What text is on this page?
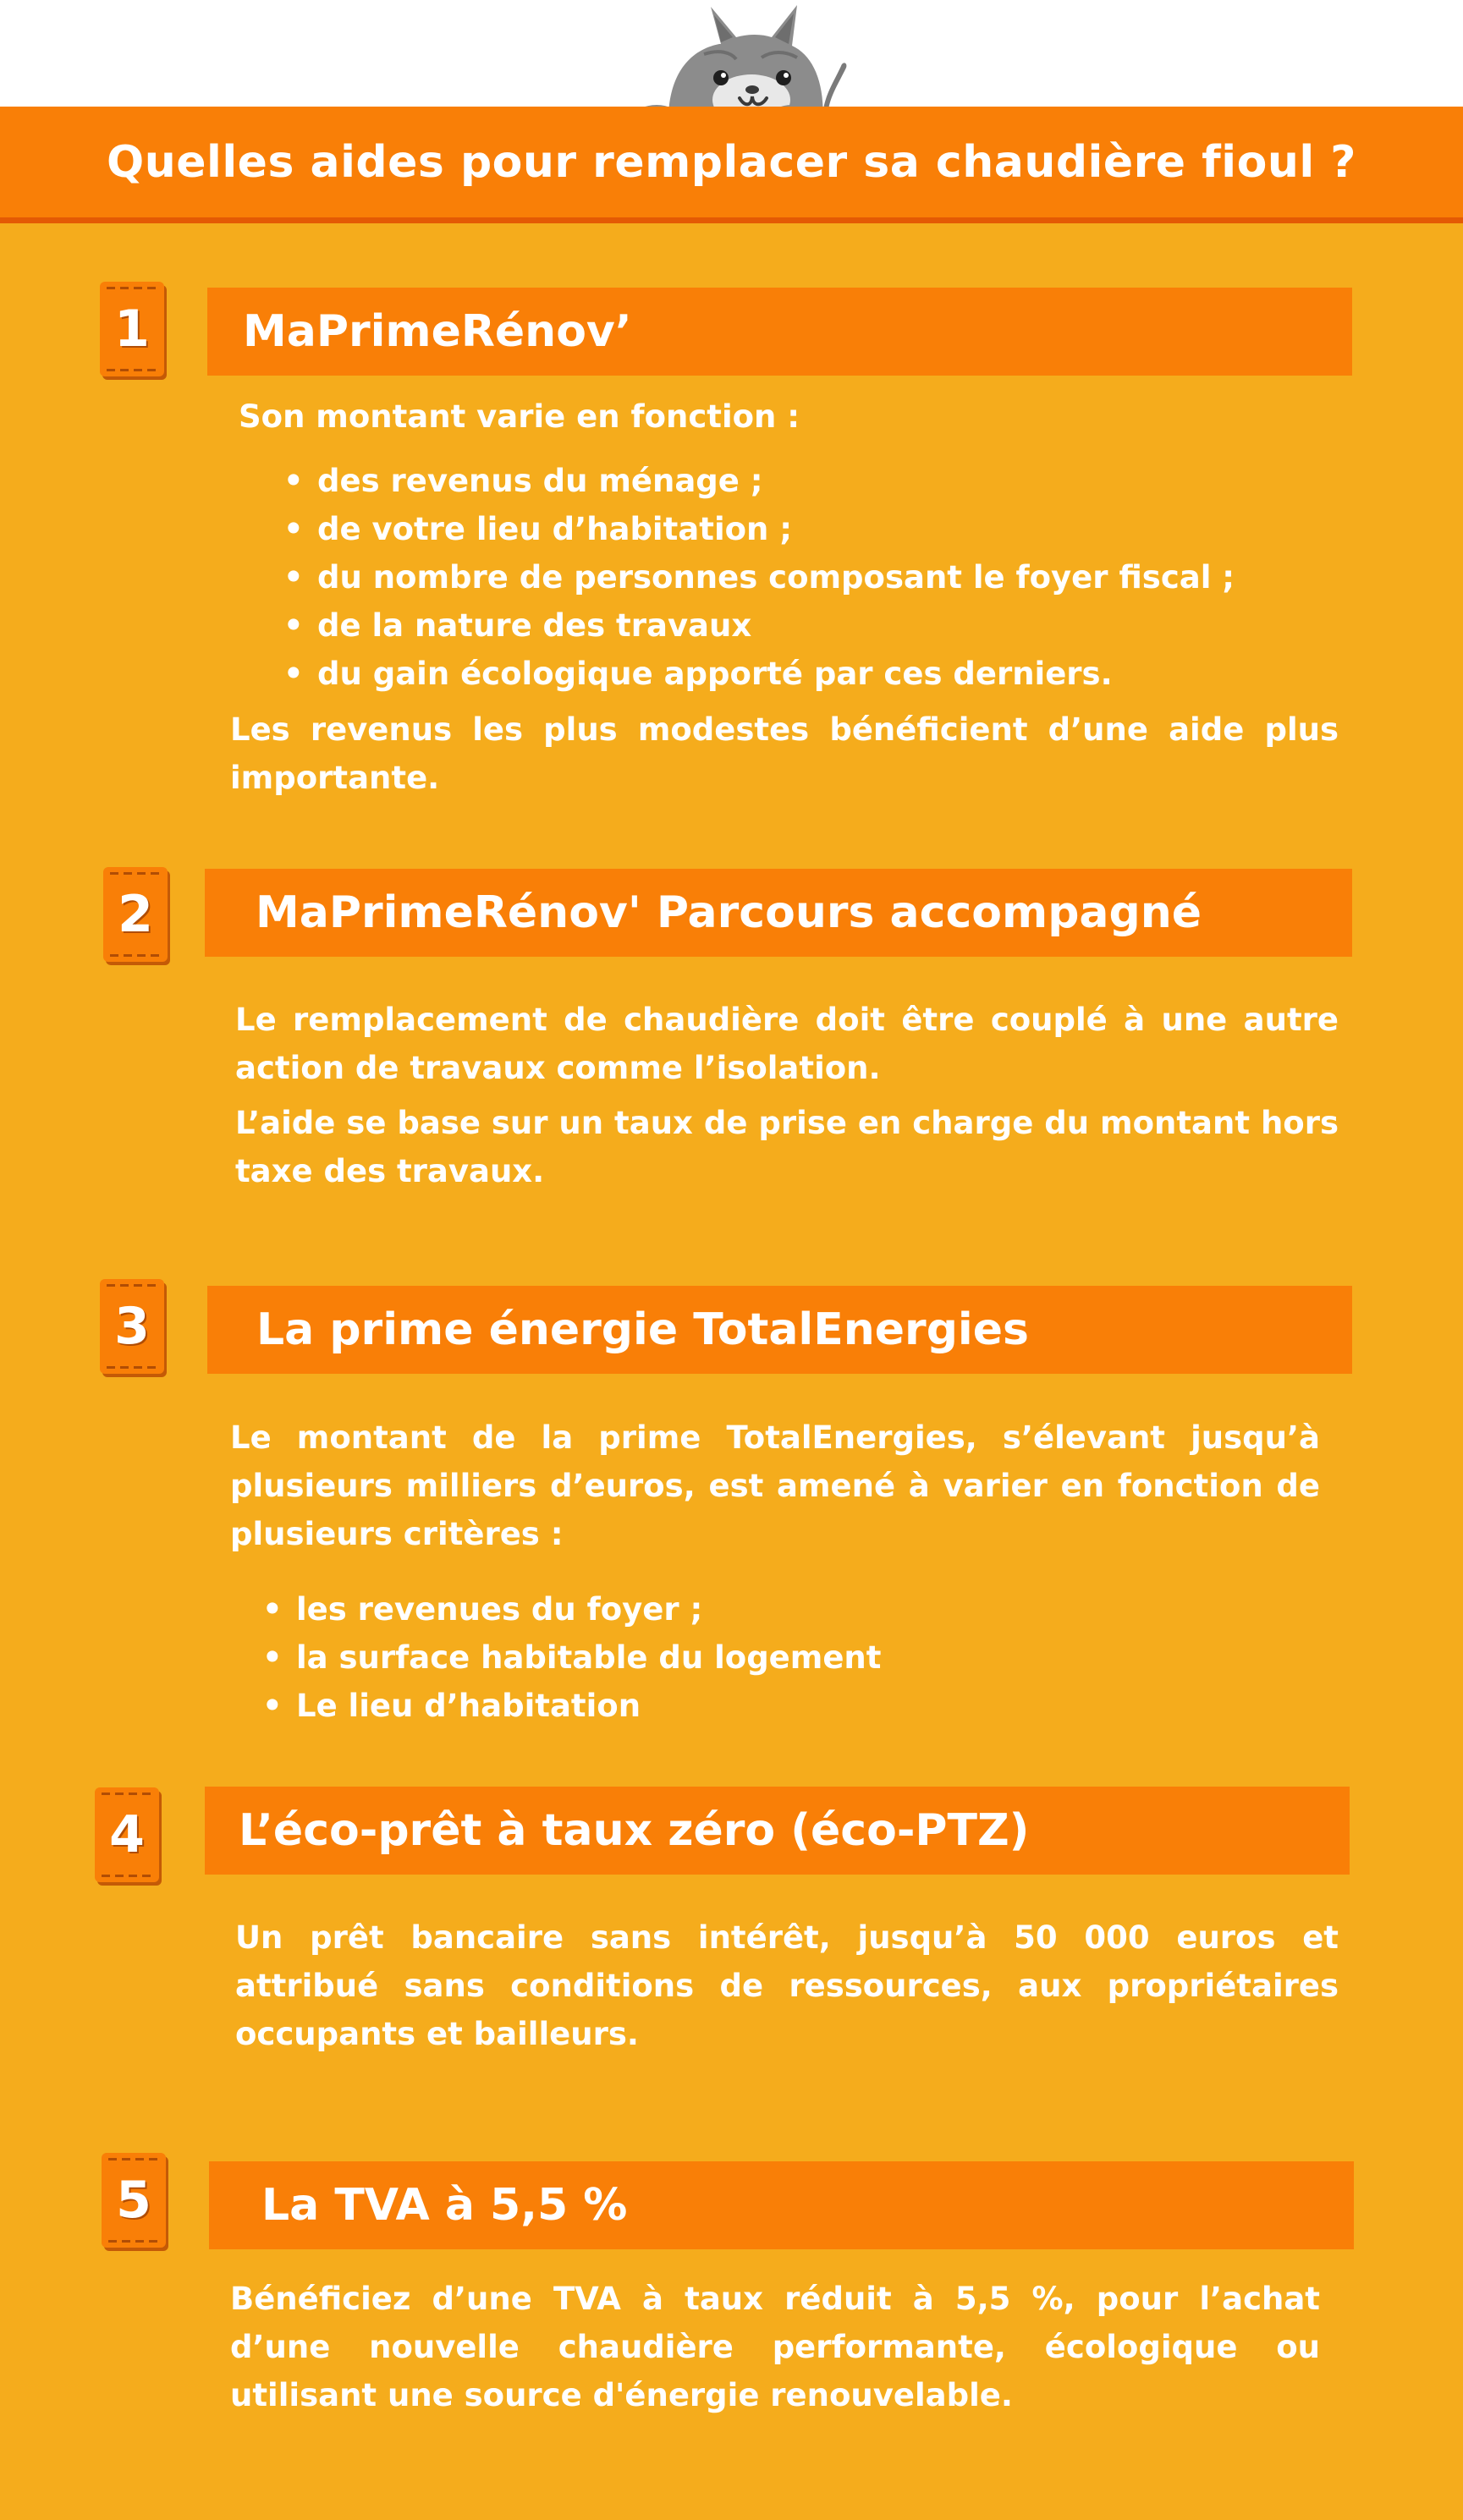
Quelles aides pour remplacer sa chaudière fioul ?
1 MaPrimeRénov’

Son montant varie en fonction :

• des revenus du ménage ;
• de votre lieu d’habitation ;
• du nombre de personnes composant le foyer fiscal ;
• de la nature des travaux
• du gain écologique apporté par ces derniers.

Les revenus les plus modestes bénéficient d’une aide plus importante.

2 MaPrimeRénov' Parcours accompagné

Le remplacement de chaudière doit être couplé à une autre action de travaux comme l’isolation.

L’aide se base sur un taux de prise en charge du montant hors taxe des travaux.

3 La prime énergie TotalEnergies

Le montant de la prime TotalEnergies, s’élevant jusqu’à plusieurs milliers d’euros, est amené à varier en fonction de plusieurs critères :

• les revenues du foyer ;
• la surface habitable du logement
• Le lieu d’habitation
4 L’éco-prêt à taux zéro (éco-PTZ)

Un prêt bancaire sans intérêt, jusqu’à 50 000 euros et attribué sans conditions de ressources, aux propriétaires occupants et bailleurs.

5	La TVA à 5,5 %

Bénéficiez d’une TVA à taux réduit à 5,5 %, pour l’achat d’une nouvelle chaudière performante, écologique ou utilisant une source d'énergie renouvelable.
